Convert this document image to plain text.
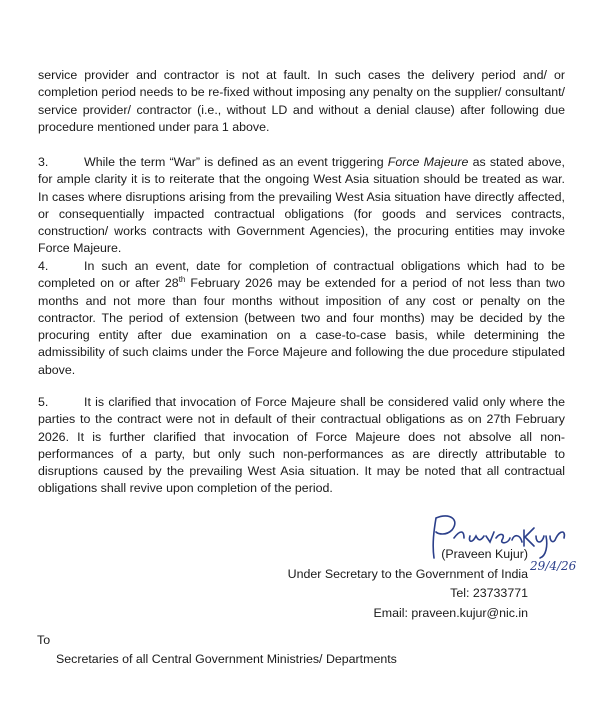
service provider and contractor is not at fault. In such cases the delivery period and/ or completion period needs to be re-fixed without imposing any penalty on the supplier/ consultant/ service provider/ contractor (i.e., without LD and without a denial clause) after following due procedure mentioned under para 1 above.

3.	While the term “War” is defined as an event triggering Force Majeure as stated above, for ample clarity it is to reiterate that the ongoing West Asia situation should be treated as war. In cases where disruptions arising from the prevailing West Asia situation have directly affected, or consequentially impacted contractual obligations (for goods and services contracts, construction/ works contracts with Government Agencies), the procuring entities may invoke Force Majeure.

4.	In such an event, date for completion of contractual obligations which had to be completed on or after 28th February 2026 may be extended for a period of not less than two months and not more than four months without imposition of any cost or penalty on the contractor. The period of extension (between two and four months) may be decided by the procuring entity after due examination on a case-to-case basis, while determining the admissibility of such claims under the Force Majeure and following the due procedure stipulated above.

5.	It is clarified that invocation of Force Majeure shall be considered valid only where the parties to the contract were not in default of their contractual obligations as on 27th February 2026. It is further clarified that invocation of Force Majeure does not absolve all non-performances of a party, but only such non-performances as are directly attributable to disruptions caused by the prevailing West Asia situation. It may be noted that all contractual obligations shall revive upon completion of the period.

29/4/26
(Praveen Kujur)
Under Secretary to the Government of India
Tel: 23733771
Email: praveen.kujur@nic.in
To
Secretaries of all Central Government Ministries/ Departments
